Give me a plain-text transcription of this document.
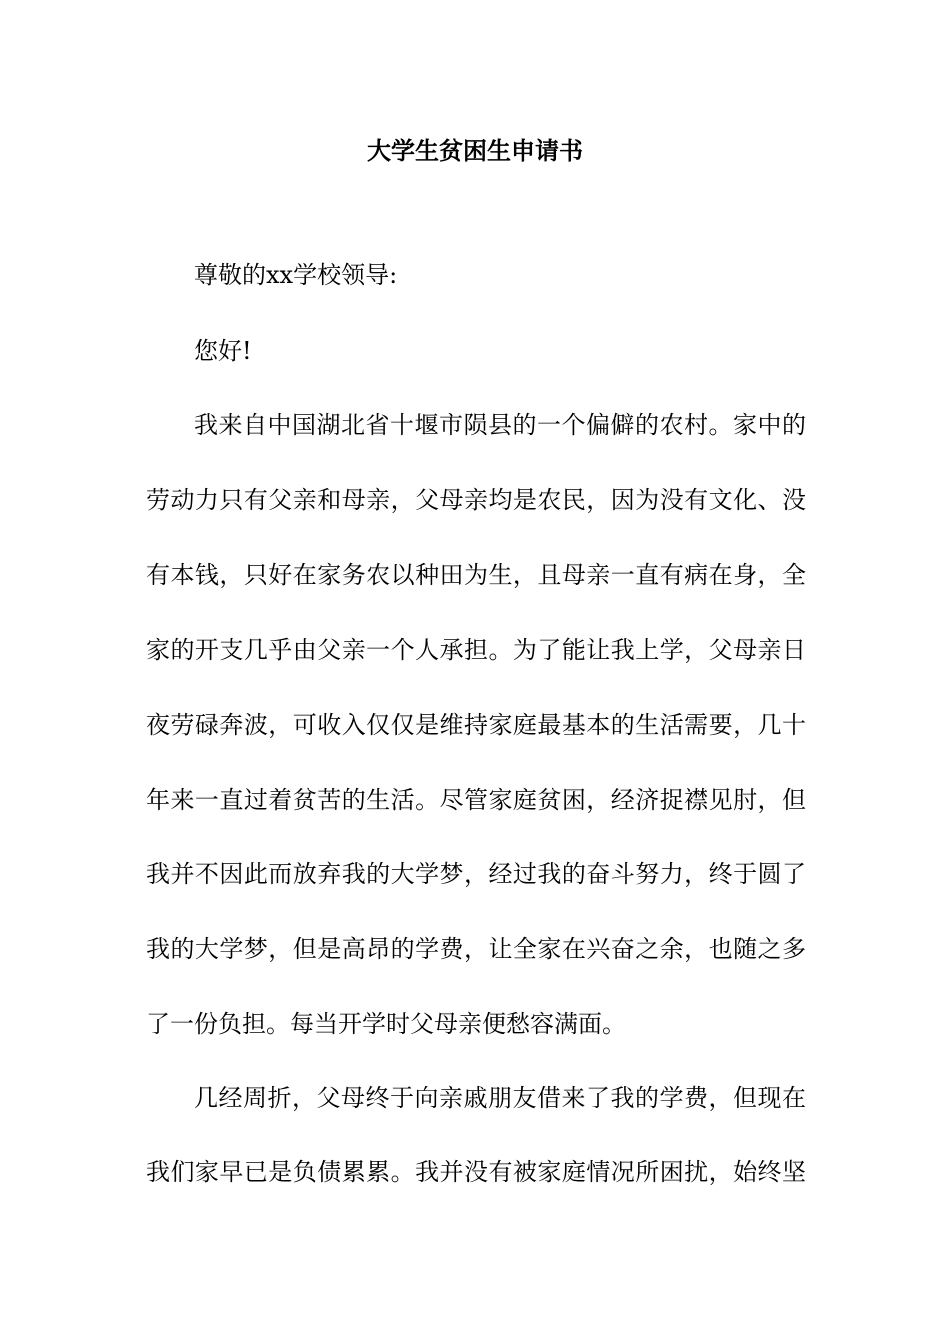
大学生贫困生申请书
尊敬的xx学校领导:
您好!
我来自中国湖北省十堰市陨县的一个偏僻的农村。家中的
劳动力只有父亲和母亲，父母亲均是农民，因为没有文化、没
有本钱，只好在家务农以种田为生，且母亲一直有病在身，全
家的开支几乎由父亲一个人承担。为了能让我上学，父母亲日
夜劳碌奔波，可收入仅仅是维持家庭最基本的生活需要，几十
年来一直过着贫苦的生活。尽管家庭贫困，经济捉襟见肘，但
我并不因此而放弃我的大学梦，经过我的奋斗努力，终于圆了
我的大学梦，但是高昂的学费，让全家在兴奋之余，也随之多
了一份负担。每当开学时父母亲便愁容满面。
几经周折，父母终于向亲戚朋友借来了我的学费，但现在
我们家早已是负债累累。我并没有被家庭情况所困扰，始终坚
